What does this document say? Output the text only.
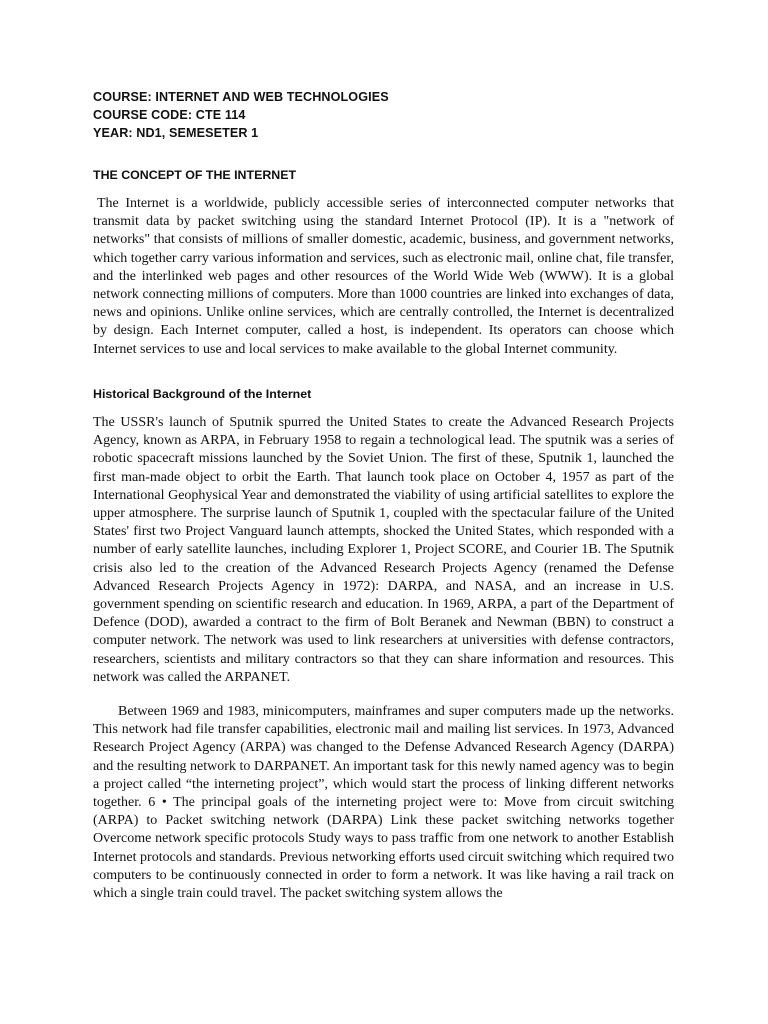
COURSE: INTERNET AND WEB TECHNOLOGIES
COURSE CODE: CTE 114
YEAR: ND1, SEMESETER 1
THE CONCEPT OF THE INTERNET

The Internet is a worldwide, publicly accessible series of interconnected computer networks that transmit data by packet switching using the standard Internet Protocol (IP). It is a "network of networks" that consists of millions of smaller domestic, academic, business, and government networks, which together carry various information and services, such as electronic mail, online chat, file transfer, and the interlinked web pages and other resources of the World Wide Web (WWW). It is a global network connecting millions of computers. More than 1000 countries are linked into exchanges of data, news and opinions. Unlike online services, which are centrally controlled, the Internet is decentralized by design. Each Internet computer, called a host, is independent. Its operators can choose which Internet services to use and local services to make available to the global Internet community.

Historical Background of the Internet

The USSR's launch of Sputnik spurred the United States to create the Advanced Research Projects Agency, known as ARPA, in February 1958 to regain a technological lead. The sputnik was a series of robotic spacecraft missions launched by the Soviet Union. The first of these, Sputnik 1, launched the first man-made object to orbit the Earth. That launch took place on October 4, 1957 as part of the International Geophysical Year and demonstrated the viability of using artificial satellites to explore the upper atmosphere. The surprise launch of Sputnik 1, coupled with the spectacular failure of the United States' first two Project Vanguard launch attempts, shocked the United States, which responded with a number of early satellite launches, including Explorer 1, Project SCORE, and Courier 1B. The Sputnik crisis also led to the creation of the Advanced Research Projects Agency (renamed the Defense Advanced Research Projects Agency in 1972): DARPA, and NASA, and an increase in U.S. government spending on scientific research and education. In 1969, ARPA, a part of the Department of Defence (DOD), awarded a contract to the firm of Bolt Beranek and Newman (BBN) to construct a computer network. The network was used to link researchers at universities with defense contractors, researchers, scientists and military contractors so that they can share information and resources. This network was called the ARPANET.

Between 1969 and 1983, minicomputers, mainframes and super computers made up the networks. This network had file transfer capabilities, electronic mail and mailing list services. In 1973, Advanced Research Project Agency (ARPA) was changed to the Defense Advanced Research Agency (DARPA) and the resulting network to DARPANET. An important task for this newly named agency was to begin a project called “the interneting project”, which would start the process of linking different networks together. 6 • The principal goals of the interneting project were to: Move from circuit switching (ARPA) to Packet switching network (DARPA) Link these packet switching networks together Overcome network specific protocols Study ways to pass traffic from one network to another Establish Internet protocols and standards. Previous networking efforts used circuit switching which required two computers to be continuously connected in order to form a network. It was like having a rail track on which a single train could travel. The packet switching system allows the
